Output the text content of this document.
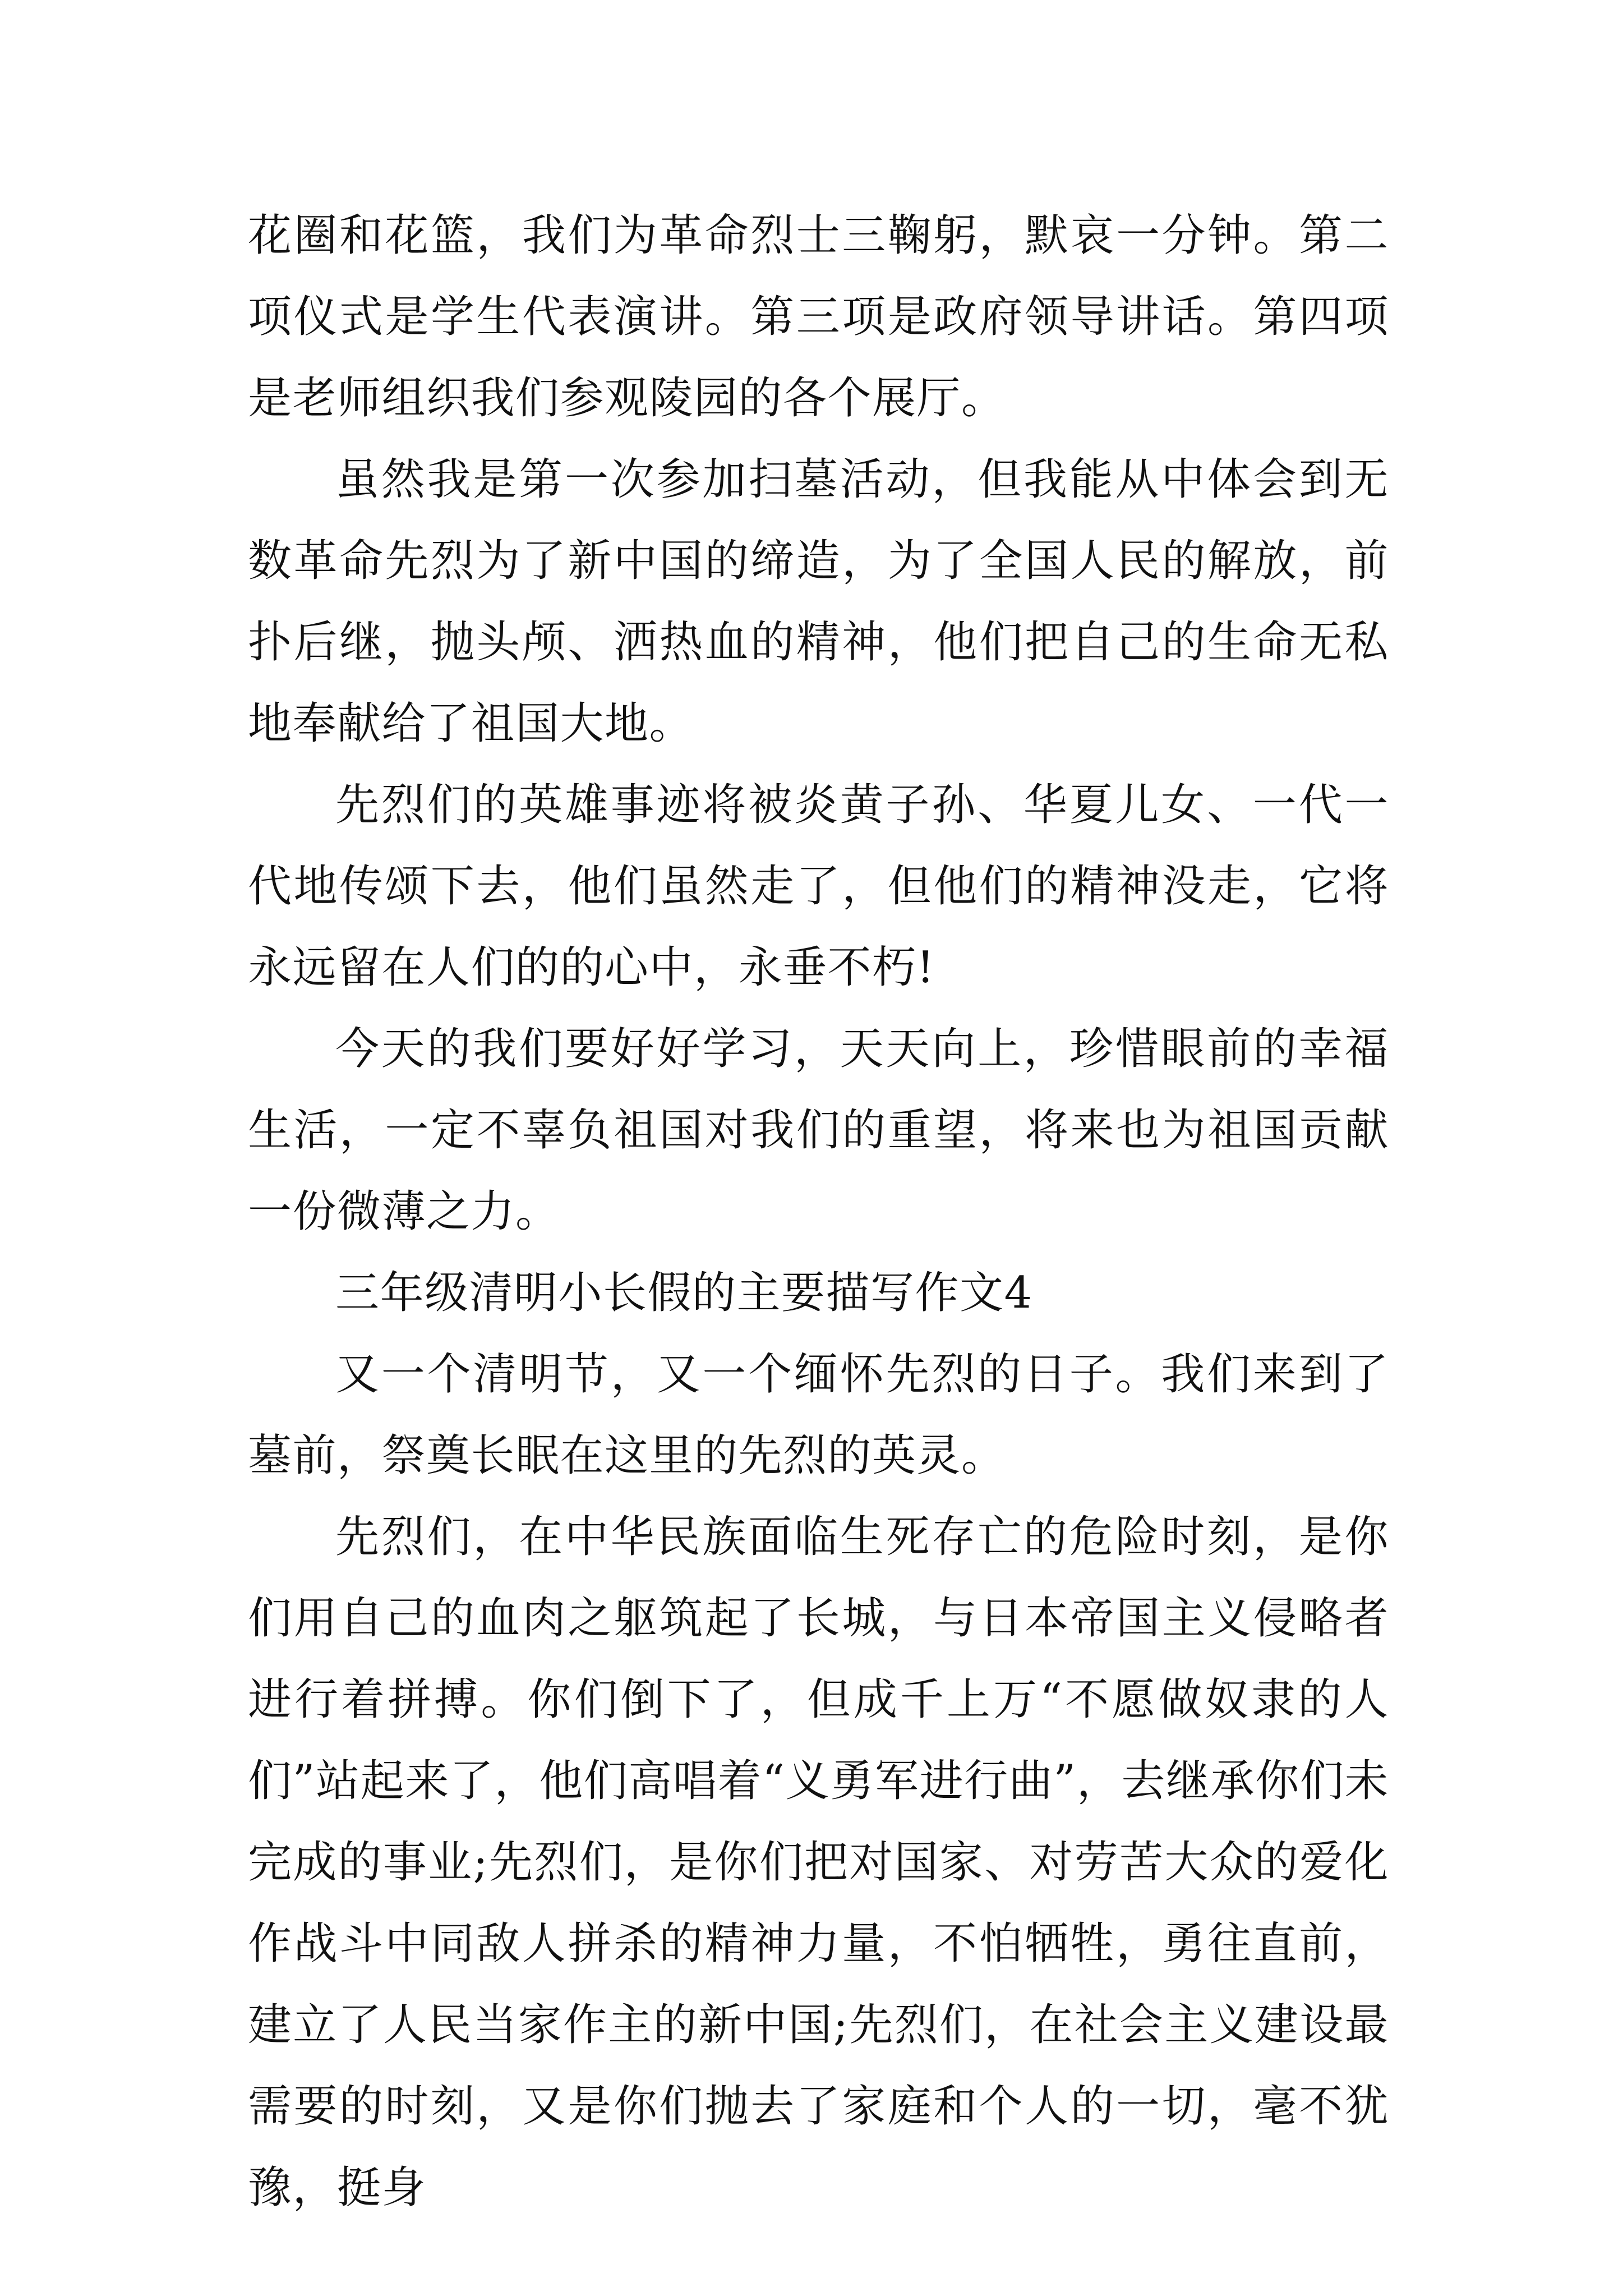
花圈和花篮，我们为革命烈士三鞠躬，默哀一分钟。第二项仪式是学生代表演讲。第三项是政府领导讲话。第四项是老师组织我们参观陵园的各个展厅。

虽然我是第一次参加扫墓活动，但我能从中体会到无数革命先烈为了新中国的缔造，为了全国人民的解放，前扑后继，抛头颅、洒热血的精神，他们把自己的生命无私地奉献给了祖国大地。

先烈们的英雄事迹将被炎黄子孙、华夏儿女、一代一代地传颂下去，他们虽然走了，但他们的精神没走，它将永远留在人们的的心中，永垂不朽!

今天的我们要好好学习，天天向上，珍惜眼前的幸福生活，一定不辜负祖国对我们的重望，将来也为祖国贡献一份微薄之力。

三年级清明小长假的主要描写作文4

又一个清明节，又一个缅怀先烈的日子。我们来到了墓前，祭奠长眠在这里的先烈的英灵。

先烈们，在中华民族面临生死存亡的危险时刻，是你们用自己的血肉之躯筑起了长城，与日本帝国主义侵略者进行着拼搏。你们倒下了，但成千上万“不愿做奴隶的人们”站起来了，他们高唱着“义勇军进行曲”，去继承你们未完成的事业;先烈们，是你们把对国家、对劳苦大众的爱化作战斗中同敌人拼杀的精神力量，不怕牺牲，勇往直前，建立了人民当家作主的新中国;先烈们，在社会主义建设最需要的时刻，又是你们抛去了家庭和个人的一切，毫不犹豫，挺身
